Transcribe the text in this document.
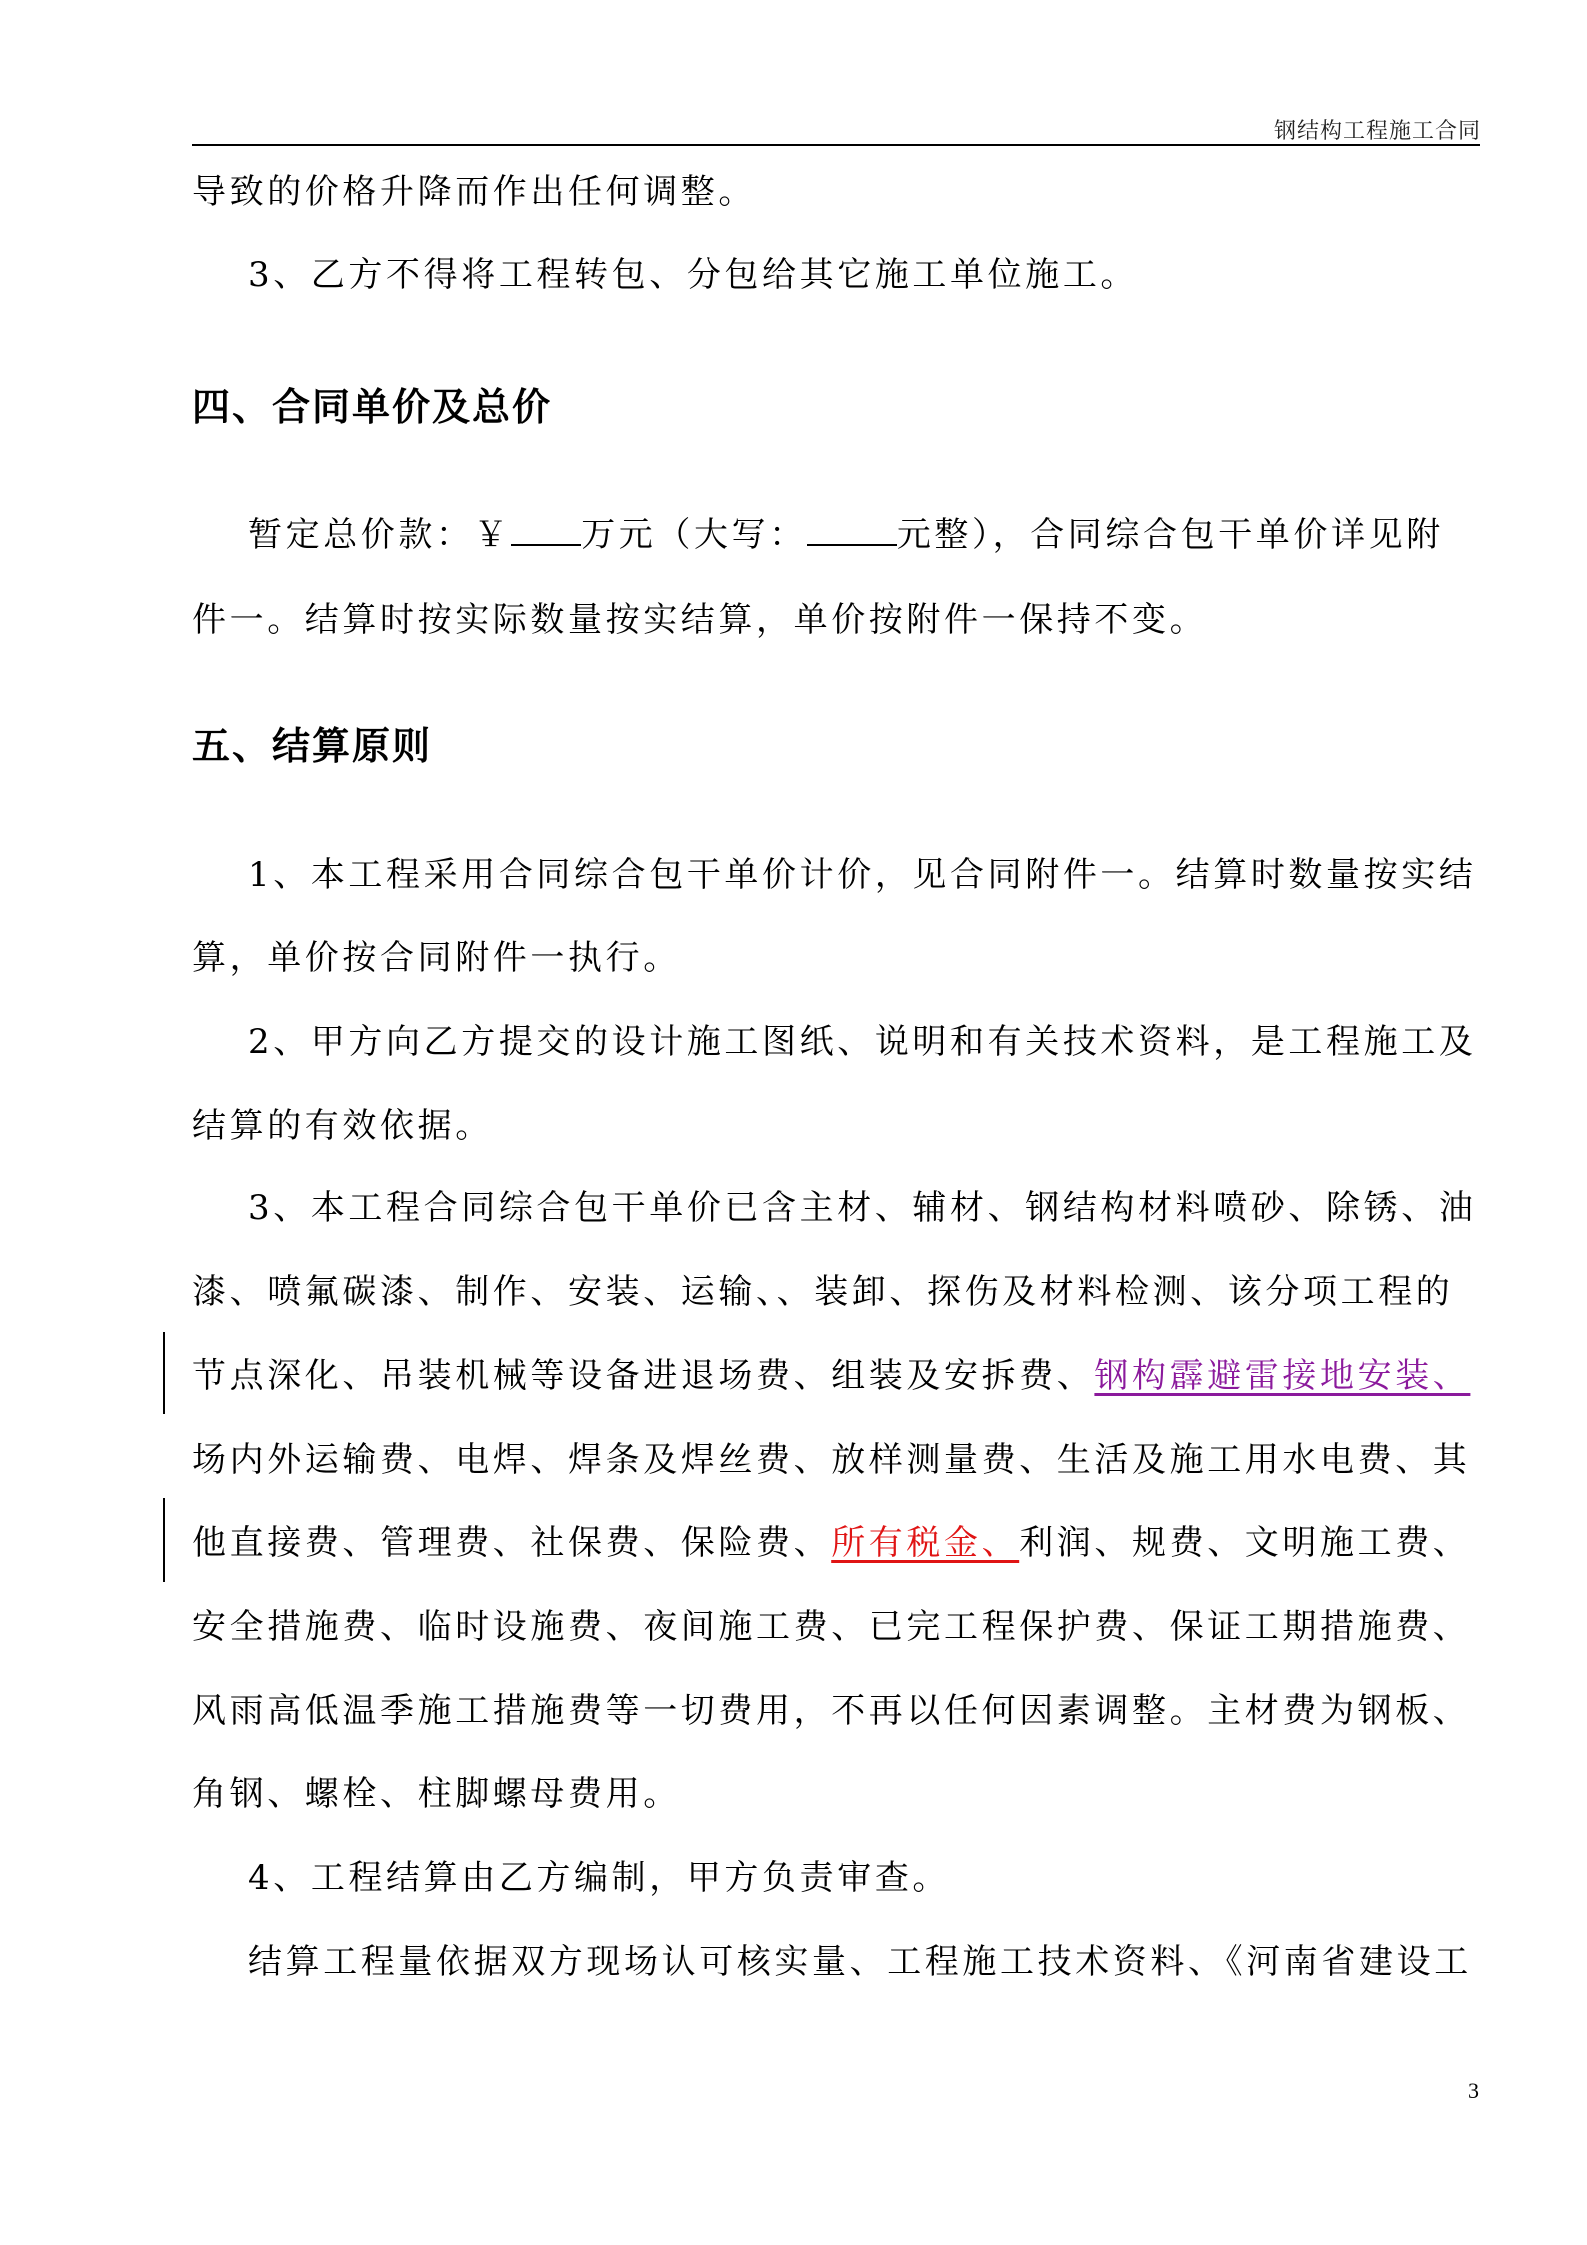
钢结构工程施工合同
导致的价格升降而作出任何调整。
3、乙方不得将工程转包、分包给其它施工单位施工。
四、合同单价及总价
暂定总价款：￥ 万元（大写：	元整），合同综合包干单价详见附
件一。结算时按实际数量按实结算，单价按附件一保持不变。
五、结算原则
1、本工程采用合同综合包干单价计价，见合同附件一。结算时数量按实结
算，单价按合同附件一执行。
2、甲方向乙方提交的设计施工图纸、说明和有关技术资料，是工程施工及
结算的有效依据。
3、本工程合同综合包干单价已含主材、辅材、钢结构材料喷砂、除锈、油
漆、喷氟碳漆、制作、安装、运输、、装卸、探伤及材料检测、该分项工程的
节点深化、吊装机械等设备进退场费、组装及安拆费、钢构霹避雷接地安装、
场内外运输费、电焊、焊条及焊丝费、放样测量费、生活及施工用水电费、其
他直接费、管理费、社保费、保险费、所有税金、利润、规费、文明施工费、
安全措施费、临时设施费、夜间施工费、已完工程保护费、保证工期措施费、
风雨高低温季施工措施费等一切费用，不再以任何因素调整。主材费为钢板、
角钢、螺栓、柱脚螺母费用。
4、工程结算由乙方编制，甲方负责审查。
结算工程量依据双方现场认可核实量、工程施工技术资料、《河南省建设工
3
